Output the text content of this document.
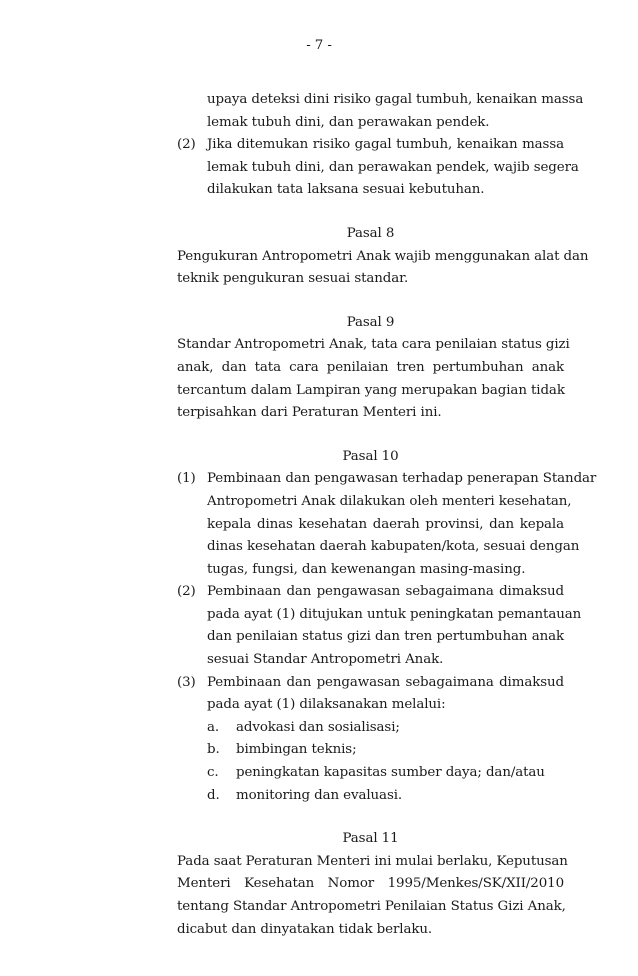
- 7 -
upaya deteksi dini risiko gagal tumbuh, kenaikan massa
lemak tubuh dini, dan perawakan pendek.
(2) Jika ditemukan risiko gagal tumbuh, kenaikan massa
lemak tubuh dini, dan perawakan pendek, wajib segera
dilakukan tata laksana sesuai kebutuhan.
Pasal 8
Pengukuran Antropometri Anak wajib menggunakan alat dan
teknik pengukuran sesuai standar.
Pasal 9
Standar Antropometri Anak, tata cara penilaian status gizi
anak, dan tata cara penilaian tren pertumbuhan anak
tercantum dalam Lampiran yang merupakan bagian tidak
terpisahkan dari Peraturan Menteri ini.
Pasal 10
(1) Pembinaan dan pengawasan terhadap penerapan Standar
Antropometri Anak dilakukan oleh menteri kesehatan,
kepala dinas kesehatan daerah provinsi, dan kepala
dinas kesehatan daerah kabupaten/kota, sesuai dengan
tugas, fungsi, dan kewenangan masing-masing.
(2) Pembinaan dan pengawasan sebagaimana dimaksud
pada ayat (1) ditujukan untuk peningkatan pemantauan
dan penilaian status gizi dan tren pertumbuhan anak
sesuai Standar Antropometri Anak.
(3) Pembinaan dan pengawasan sebagaimana dimaksud
pada ayat (1) dilaksanakan melalui:
a. advokasi dan sosialisasi;
b. bimbingan teknis;
c. peningkatan kapasitas sumber daya; dan/atau
d. monitoring dan evaluasi.
Pasal 11
Pada saat Peraturan Menteri ini mulai berlaku, Keputusan
Menteri Kesehatan Nomor 1995/Menkes/SK/XII/2010
tentang Standar Antropometri Penilaian Status Gizi Anak,
dicabut dan dinyatakan tidak berlaku.
